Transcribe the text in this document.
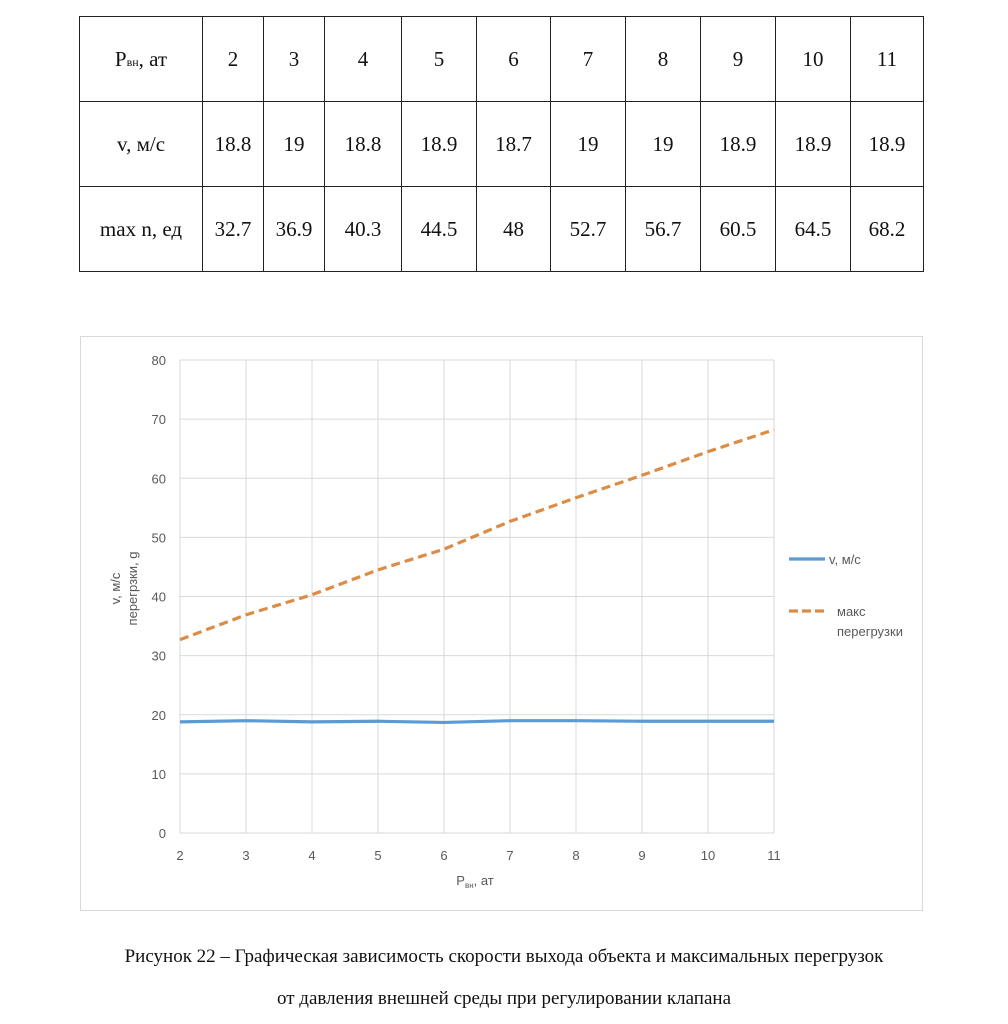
Pвн, ат	2	3	4	5	6	7	8	9	10	11
v, м/с	18.8	19	18.8	18.9	18.7	19	19	18.9	18.9	18.9
max n, ед	32.7	36.9	40.3	44.5	48	52.7	56.7	60.5	64.5	68.2
0
10
20
30
40
50
60
70
80
2	3	4	5	6	7	8	9	10	11
$P_{вн}$, ат
v, м/с перегрзки, g	v, м/с
макс
перегрузки
Рисунок 22 – Графическая зависимость скорости выхода объекта и максимальных перегрузок
от давления внешней среды при регулировании клапана
